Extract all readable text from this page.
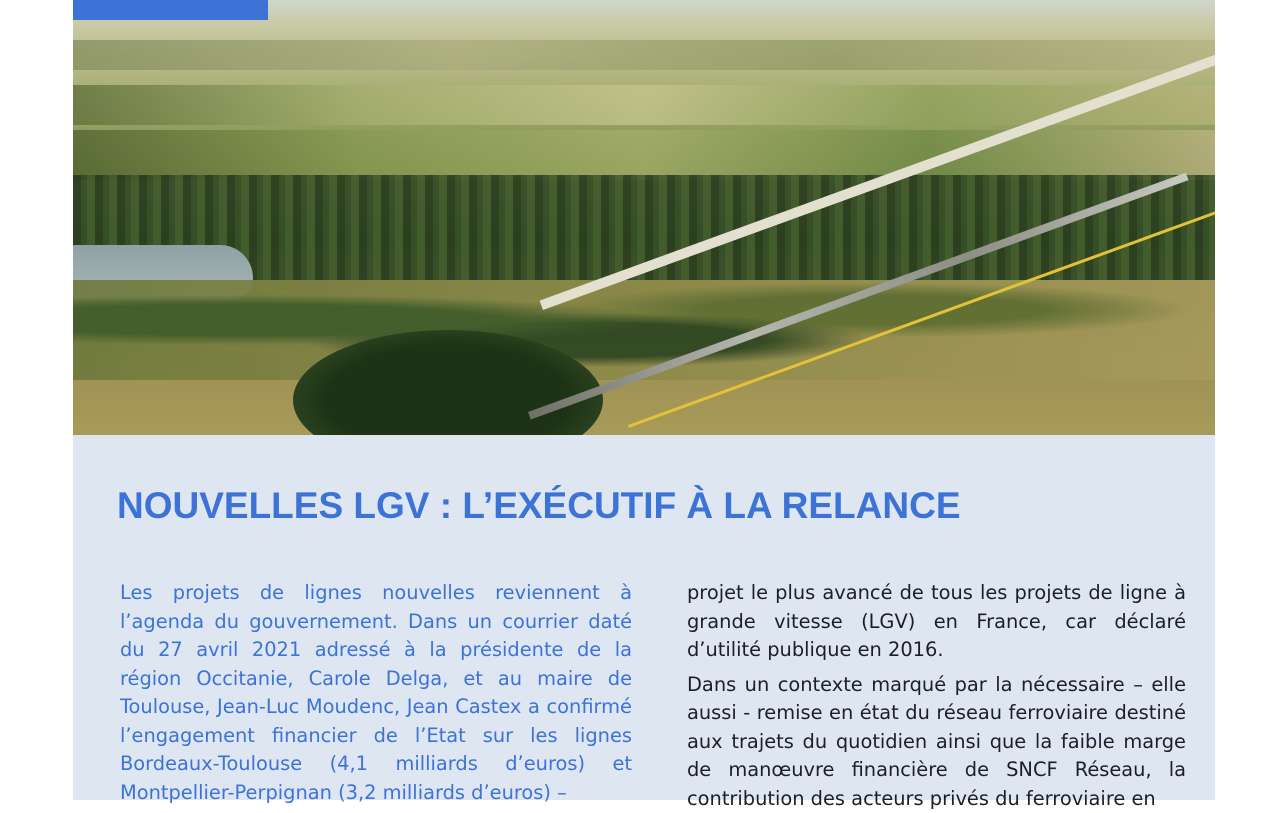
NOUVELLES LGV : L’EXÉCUTIF À LA RELANCE

Les projets de lignes nouvelles reviennent à l’agenda du gouvernement. Dans un courrier daté du 27 avril 2021 adressé à la présidente de la région Occitanie, Carole Delga, et au maire de Toulouse, Jean-Luc Moudenc, Jean Castex a confirmé l’engagement financier de l’Etat sur les lignes Bordeaux-Toulouse (4,1 milliards d’euros) et Montpellier-Perpignan (3,2 milliards d’euros) –

projet le plus avancé de tous les projets de ligne à grande vitesse (LGV) en France, car déclaré d’utilité publique en 2016.

Dans un contexte marqué par la nécessaire – elle aussi - remise en état du réseau ferroviaire destiné aux trajets du quotidien ainsi que la faible marge de manœuvre financière de SNCF Réseau, la contribution des acteurs privés du ferroviaire en
